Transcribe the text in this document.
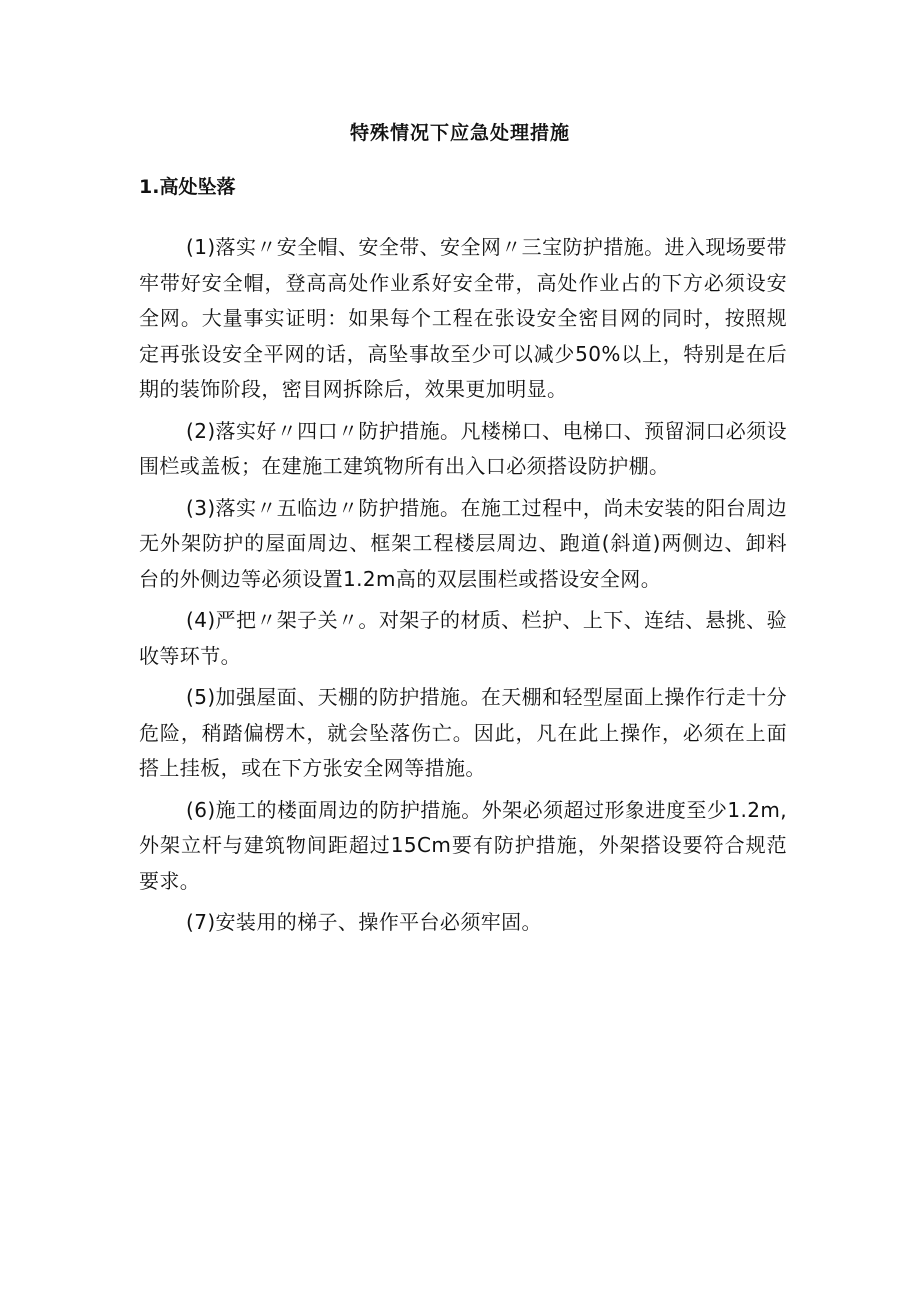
特殊情况下应急处理措施
1.高处坠落

(1)落实〃安全帽、安全带、安全网〃三宝防护措施。进入现场要带牢带好安全帽，登高高处作业系好安全带，高处作业占的下方必须设安全网。大量事实证明：如果每个工程在张设安全密目网的同时，按照规定再张设安全平网的话，高坠事故至少可以减少50%以上，特别是在后期的装饰阶段，密目网拆除后，效果更加明显。

(2)落实好〃四口〃防护措施。凡楼梯口、电梯口、预留洞口必须设围栏或盖板；在建施工建筑物所有出入口必须搭设防护棚。

(3)落实〃五临边〃防护措施。在施工过程中，尚未安装的阳台周边无外架防护的屋面周边、框架工程楼层周边、跑道(斜道)两侧边、卸料台的外侧边等必须设置1.2m高的双层围栏或搭设安全网。

(4)严把〃架子关〃。对架子的材质、栏护、上下、连结、悬挑、验收等环节。

(5)加强屋面、天棚的防护措施。在天棚和轻型屋面上操作行走十分危险，稍踏偏楞木，就会坠落伤亡。因此，凡在此上操作，必须在上面搭上挂板，或在下方张安全网等措施。

(6)施工的楼面周边的防护措施。外架必须超过形象进度至少1.2m,外架立杆与建筑物间距超过15Cm要有防护措施，外架搭设要符合规范要求。

(7)安装用的梯子、操作平台必须牢固。
